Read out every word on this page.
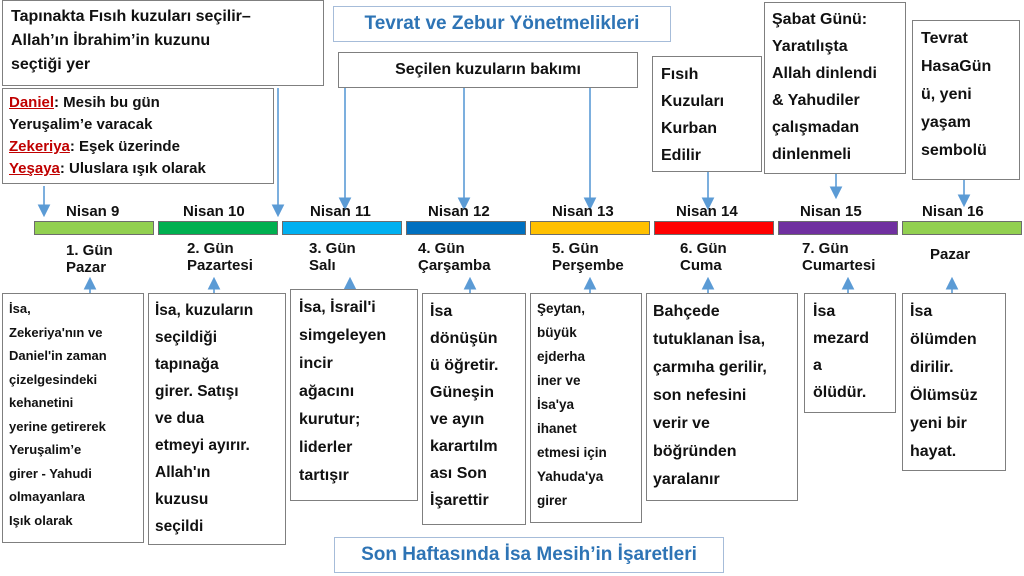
Tapınakta Fısıh kuzuları seçilir–
Allah’ın İbrahim’in kuzunu
seçtiği yer
Daniel: Mesih bu gün
Yeruşalim’e varacak
Zekeriya: Eşek üzerinde
Yeşaya: Uluslara ışık olarak
Tevrat ve Zebur Yönetmelikleri
Seçilen kuzuların bakımı	Fısıh
Kuzuları
Kurban
Edilir
Şabat Günü:
Yaratılışta
Allah dinlendi
& Yahudiler
çalışmadan
dinlenmeli
Tevrat
HasaGün
ü, yeni
yaşam
sembolü
Nisan 9	Nisan 10	Nisan 11	Nisan 12	Nisan 13	Nisan 14	Nisan 15	Nisan 16
1. Gün
Pazar
2. Gün
Pazartesi
3. Gün
Salı
4. Gün
Çarşamba
5. Gün
Perşembe
6. Gün
Cuma
7. Gün
Cumartesi
Pazar
İsa,
Zekeriya'nın ve
Daniel'in zaman
çizelgesindeki
kehanetini
yerine getirerek
Yeruşalim’e
girer - Yahudi
olmayanlara
Işık olarak
İsa, kuzuların
seçildiği
tapınağa
girer. Satışı
ve dua
etmeyi ayırır.
Allah'ın
kuzusu
seçildi
İsa, İsrail'i
simgeleyen
incir
ağacını
kurutur;
liderler
tartışır
İsa
dönüşün
ü öğretir.
Güneşin
ve ayın
karartılm
ası Son
İşarettir
Şeytan,
büyük
ejderha
iner ve
İsa'ya
ihanet
etmesi için
Yahuda'ya
girer
Bahçede
tutuklanan İsa,
çarmıha gerilir,
son nefesini
verir ve
böğründen
yaralanır
İsa
mezard
a
ölüdür.
İsa
ölümden
dirilir.
Ölümsüz
yeni bir
hayat.
Son Haftasında İsa Mesih’in İşaretleri
